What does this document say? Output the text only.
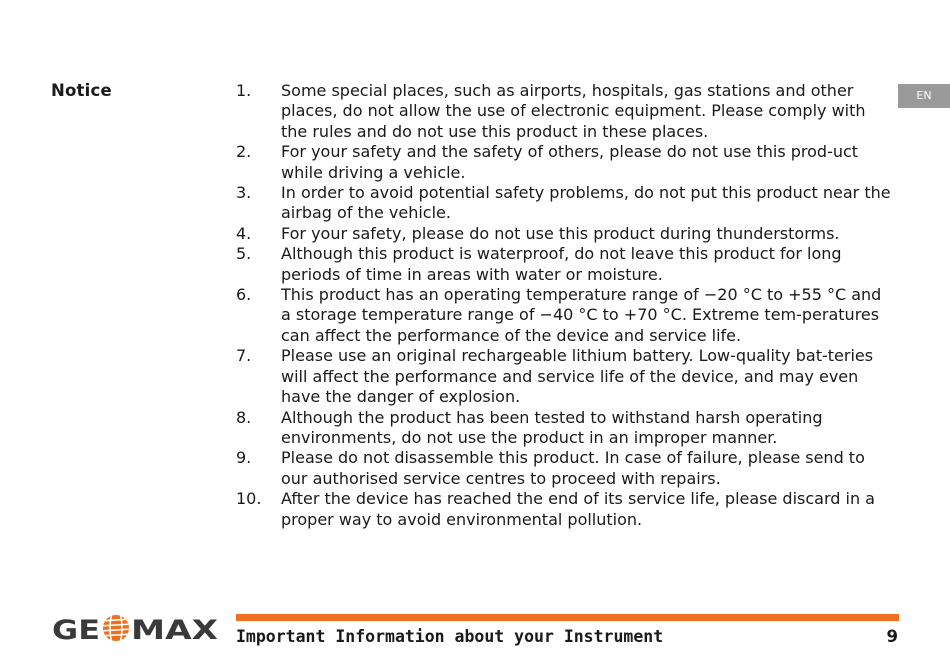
Notice	EN
1. Some special places, such as airports, hospitals, gas stations and other places, do not allow the use of electronic equipment. Please comply with the rules and do not use this product in these places.
2. For your safety and the safety of others, please do not use this prod-uct while driving a vehicle.
3. In order to avoid potential safety problems, do not put this product near the airbag of the vehicle.
4. For your safety, please do not use this product during thunderstorms.
5. Although this product is waterproof, do not leave this product for long periods of time in areas with water or moisture.
6. This product has an operating temperature range of −20 °C to +55 °C and a storage temperature range of −40 °C to +70 °C. Extreme tem-peratures can affect the performance of the device and service life.
7. Please use an original rechargeable lithium battery. Low-quality bat-teries will affect the performance and service life of the device, and may even have the danger of explosion.
8. Although the product has been tested to withstand harsh operating environments, do not use the product in an improper manner.
9. Please do not disassemble this product. In case of failure, please send to our authorised service centres to proceed with repairs.
10. After the device has reached the end of its service life, please discard in a proper way to avoid environmental pollution.
GE MAX Important Information about your Instrument	9
